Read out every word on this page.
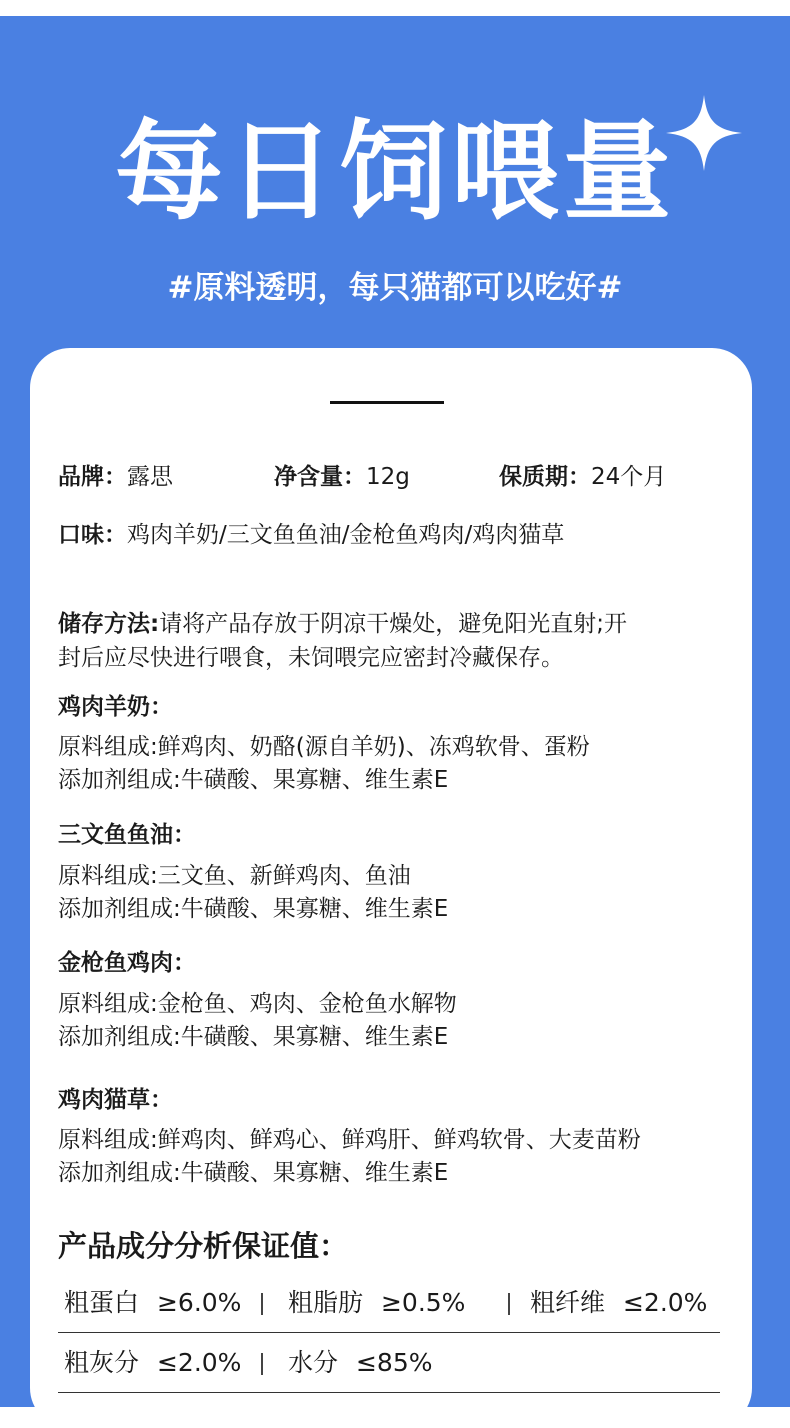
每日饲喂量
#原料透明，每只猫都可以吃好#
品牌：露思	净含量：12g	保质期：24个月
口味：鸡肉羊奶/三文鱼鱼油/金枪鱼鸡肉/鸡肉猫草
储存方法:请将产品存放于阴凉干燥处，避免阳光直射;开
封后应尽快进行喂食，未饲喂完应密封冷藏保存。
鸡肉羊奶：
原料组成:鲜鸡肉、奶酪(源自羊奶)、冻鸡软骨、蛋粉
添加剂组成:牛磺酸、果寡糖、维生素E
三文鱼鱼油：
原料组成:三文鱼、新鲜鸡肉、鱼油
添加剂组成:牛磺酸、果寡糖、维生素E
金枪鱼鸡肉：
原料组成:金枪鱼、鸡肉、金枪鱼水解物
添加剂组成:牛磺酸、果寡糖、维生素E
鸡肉猫草：
原料组成:鲜鸡肉、鲜鸡心、鲜鸡肝、鲜鸡软骨、大麦苗粉
添加剂组成:牛磺酸、果寡糖、维生素E
产品成分分析保证值：
粗蛋白 ≥6.0% 粗脂肪 ≥0.5%	粗纤维 ≤2.0%
粗灰分 ≤2.0% 水分 ≤85%
